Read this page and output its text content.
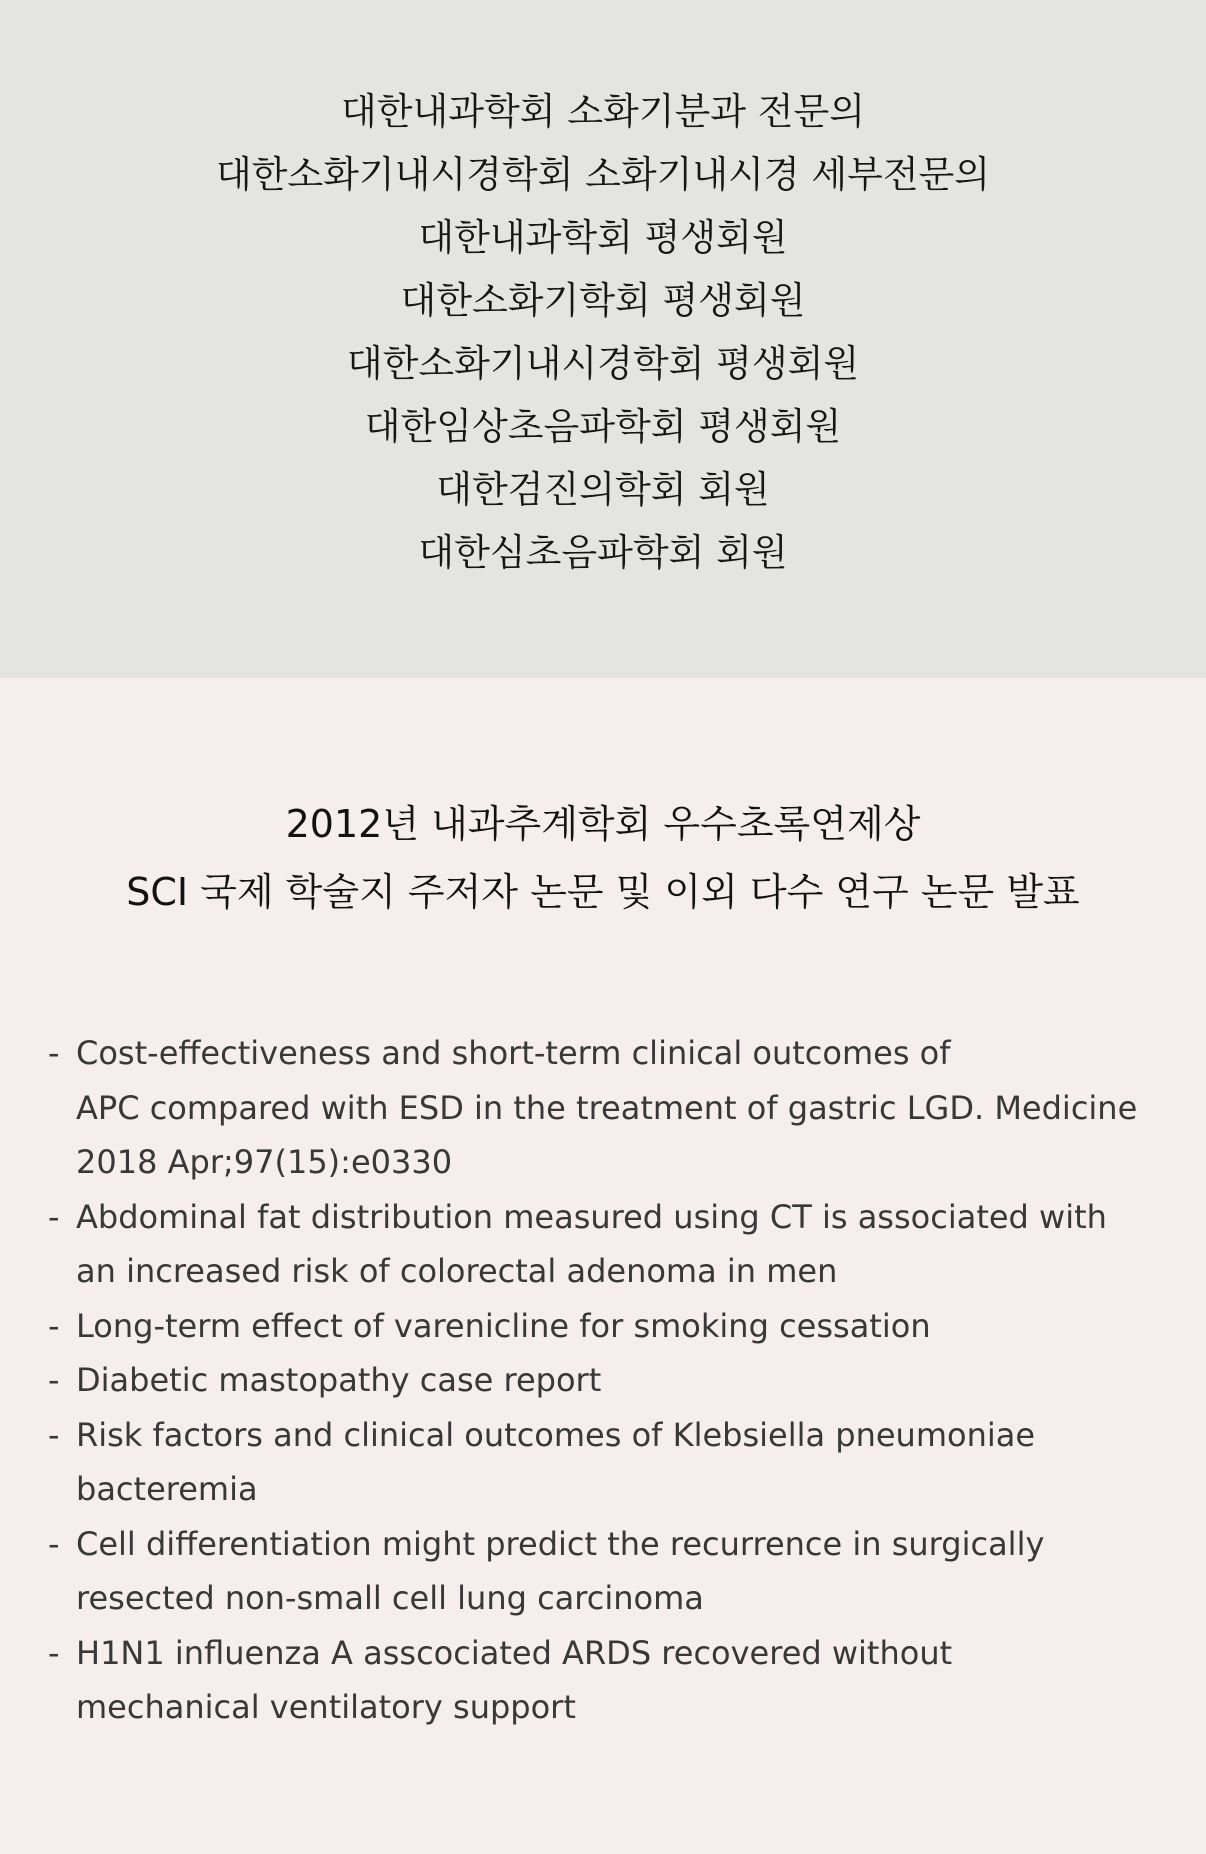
대한내과학회 소화기분과 전문의
대한소화기내시경학회 소화기내시경 세부전문의
대한내과학회 평생회원
대한소화기학회 평생회원
대한소화기내시경학회 평생회원
대한임상초음파학회 평생회원
대한검진의학회 회원
대한심초음파학회 회원
2012년 내과추계학회 우수초록연제상
SCI 국제 학술지 주저자 논문 및 이외 다수 연구 논문 발표
- Cost-effectiveness and short-term clinical outcomes of
APC compared with ESD in the treatment of gastric LGD. Medicine
2018 Apr;97(15):e0330
- Abdominal fat distribution measured using CT is associated with
an increased risk of colorectal adenoma in men
- Long-term effect of varenicline for smoking cessation
- Diabetic mastopathy case report
- Risk factors and clinical outcomes of Klebsiella pneumoniae
bacteremia
- Cell differentiation might predict the recurrence in surgically
resected non-small cell lung carcinoma
- H1N1 influenza A asscociated ARDS recovered without
mechanical ventilatory support
